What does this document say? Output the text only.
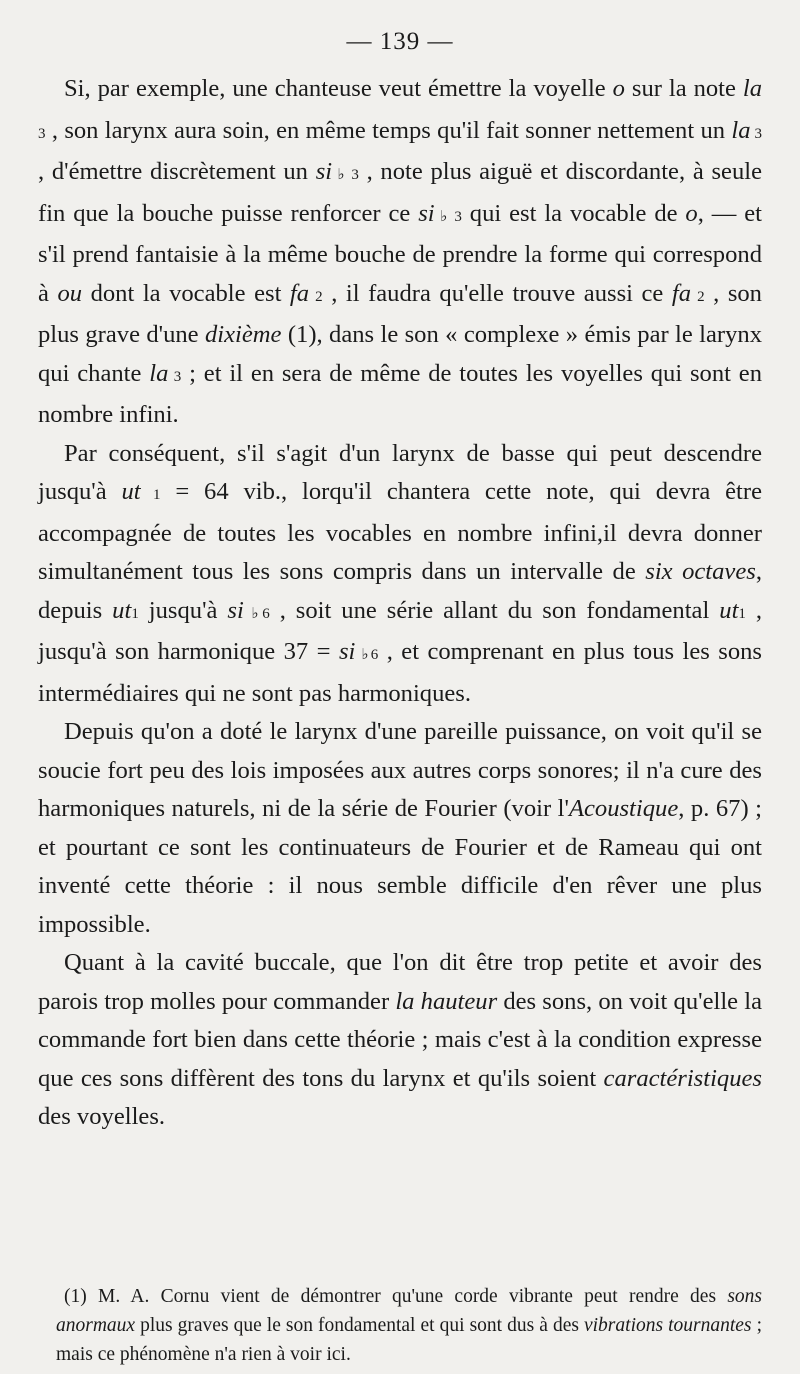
— 139 —

Si, par exemple, une chanteuse veut émettre la voyelle o sur la note la 3 , son larynx aura soin, en même temps qu'il fait sonner nettement un la 3 , d'émettre discrètement un si ♭ 3 , note plus aiguë et discordante, à seule fin que la bouche puisse renforcer ce si ♭ 3 qui est la vocable de o, — et s'il prend fantaisie à la même bouche de prendre la forme qui correspond à ou dont la vocable est fa 2 , il faudra qu'elle trouve aussi ce fa 2 , son plus grave d'une dixième (1), dans le son « complexe » émis par le larynx qui chante la 3 ; et il en sera de même de toutes les voyelles qui sont en nombre infini.

Par conséquent, s'il s'agit d'un larynx de basse qui peut descendre jusqu'à ut 1 = 64 vib., lorqu'il chantera cette note, qui devra être accompagnée de toutes les vocables en nombre infini,il devra donner simultanément tous les sons compris dans un intervalle de six octaves, depuis ut1 jusqu'à si ♭6 , soit une série allant du son fondamental ut1 , jusqu'à son harmonique 37 = si ♭6 , et comprenant en plus tous les sons intermédiaires qui ne sont pas harmoniques.

Depuis qu'on a doté le larynx d'une pareille puissance, on voit qu'il se soucie fort peu des lois imposées aux autres corps sonores; il n'a cure des harmoniques naturels, ni de la série de Fourier (voir l'Acoustique, p. 67) ; et pourtant ce sont les continuateurs de Fourier et de Rameau qui ont inventé cette théorie : il nous semble difficile d'en rêver une plus impossible.

Quant à la cavité buccale, que l'on dit être trop petite et avoir des parois trop molles pour commander la hauteur des sons, on voit qu'elle la commande fort bien dans cette théorie ; mais c'est à la condition expresse que ces sons diffèrent des tons du larynx et qu'ils soient caractéristiques des voyelles.

(1) M. A. Cornu vient de démontrer qu'une corde vibrante peut rendre des sons anormaux plus graves que le son fondamental et qui sont dus à des vibrations tournantes ; mais ce phénomène n'a rien à voir ici.
